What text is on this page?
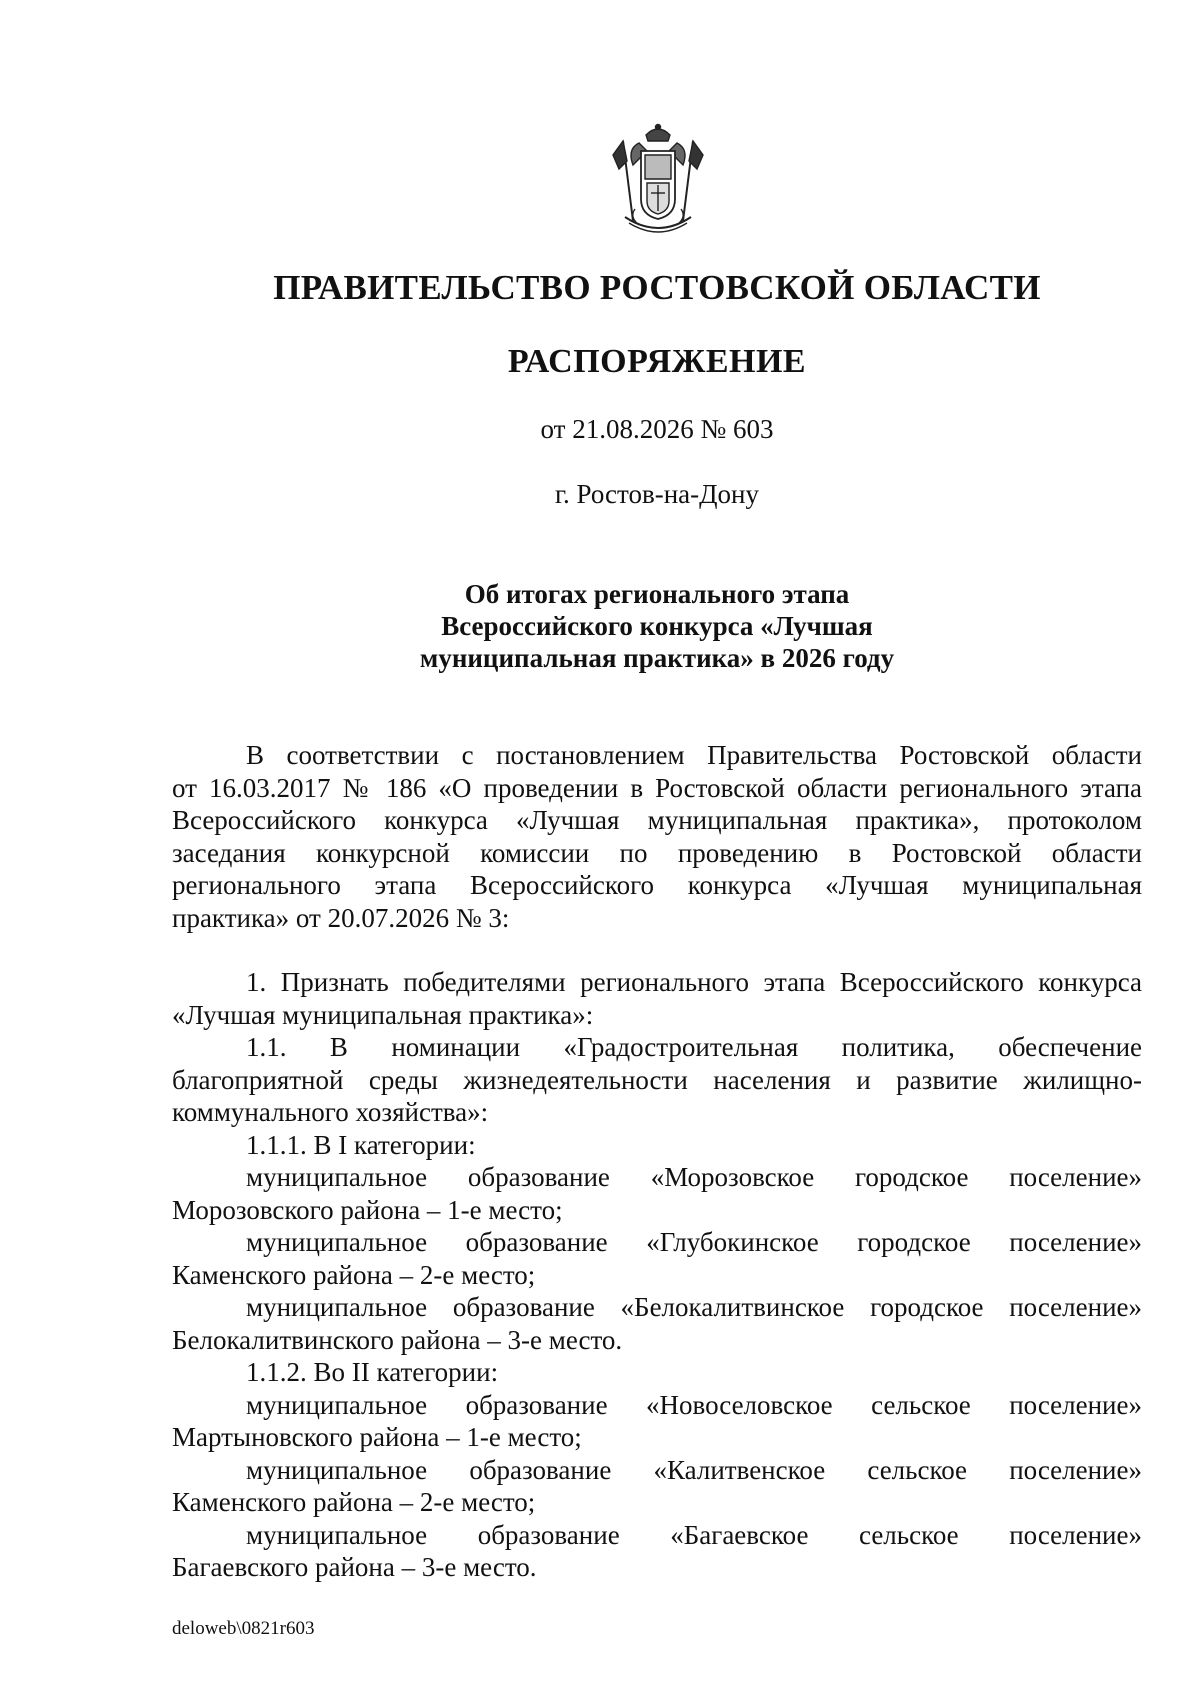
ПРАВИТЕЛЬСТВО РОСТОВСКОЙ ОБЛАСТИ
РАСПОРЯЖЕНИЕ
от 21.08.2026 № 603
г. Ростов-на-Дону
Об итогах регионального этапа
Всероссийского конкурса «Лучшая
муниципальная практика» в 2026 году
В соответствии с постановлением Правительства Ростовской области
от 16.03.2017 № 186 «О проведении в Ростовской области регионального этапа
Всероссийского конкурса «Лучшая муниципальная практика», протоколом
заседания конкурсной комиссии по проведению в Ростовской области
регионального этапа Всероссийского конкурса «Лучшая муниципальная
практика» от 20.07.2026 № 3:
1. Признать победителями регионального этапа Всероссийского конкурса
«Лучшая муниципальная практика»:
1.1. В номинации «Градостроительная политика, обеспечение
благоприятной среды жизнедеятельности населения и развитие жилищно-
коммунального хозяйства»:
1.1.1. В I категории:
муниципальное образование «Морозовское городское поселение»
Морозовского района – 1-е место;
муниципальное образование «Глубокинское городское поселение»
Каменского района – 2-е место;
муниципальное образование «Белокалитвинское городское поселение»
Белокалитвинского района – 3-е место.
1.1.2. Во II категории:
муниципальное образование «Новоселовское сельское поселение»
Мартыновского района – 1-е место;
муниципальное образование «Калитвенское сельское поселение»
Каменского района – 2-е место;
муниципальное образование «Багаевское сельское поселение»
Багаевского района – 3-е место.
deloweb\0821r603
